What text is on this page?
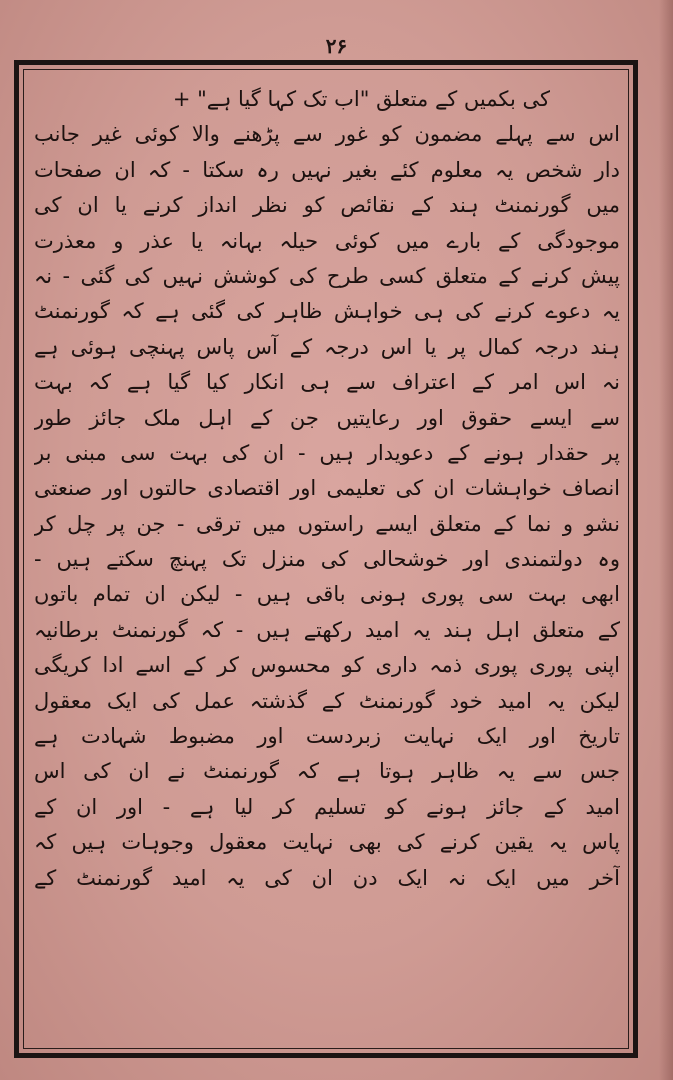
۲۶
کی بکمیں کے متعلق "اب تک کہا گیا ہے" +
اس سے پہلے مضمون کو غور سے پڑھنے والا کوئی غیر جانب
دار شخص یہ معلوم کئے بغیر نہیں رہ سکتا - کہ ان صفحات
میں گورنمنٹ ہند کے نقائص کو نظر انداز کرنے یا ان کی
موجودگی کے بارے میں کوئی حیلہ بہانہ یا عذر و معذرت
پیش کرنے کے متعلق کسی طرح کی کوشش نہیں کی گئی - نہ
یہ دعوے کرنے کی ہی خواہش ظاہر کی گئی ہے کہ گورنمنٹ
ہند درجہ کمال پر یا اس درجہ کے آس پاس پہنچی ہوئی ہے
نہ اس امر کے اعتراف سے ہی انکار کیا گیا ہے کہ بہت
سے ایسے حقوق اور رعایتیں جن کے اہل ملک جائز طور
پر حقدار ہونے کے دعویدار ہیں - ان کی بہت سی مبنی بر
انصاف خواہشات ان کی تعلیمی اور اقتصادی حالتوں اور صنعتی
نشو و نما کے متعلق ایسے راستوں میں ترقی - جن پر چل کر
وہ دولتمندی اور خوشحالی کی منزل تک پہنچ سکتے ہیں -
ابھی بہت سی پوری ہونی باقی ہیں - لیکن ان تمام باتوں
کے متعلق اہل ہند یہ امید رکھتے ہیں - کہ گورنمنٹ برطانیہ
اپنی پوری پوری ذمہ داری کو محسوس کر کے اسے ادا کریگی
لیکن یہ امید خود گورنمنٹ کے گذشتہ عمل کی ایک معقول
تاریخ اور ایک نہایت زبردست اور مضبوط شہادت ہے
جس سے یہ ظاہر ہوتا ہے کہ گورنمنٹ نے ان کی اس
امید کے جائز ہونے کو تسلیم کر لیا ہے - اور ان کے
پاس یہ یقین کرنے کی بھی نہایت معقول وجوہات ہیں کہ
آخر میں ایک نہ ایک دن ان کی یہ امید گورنمنٹ کے
